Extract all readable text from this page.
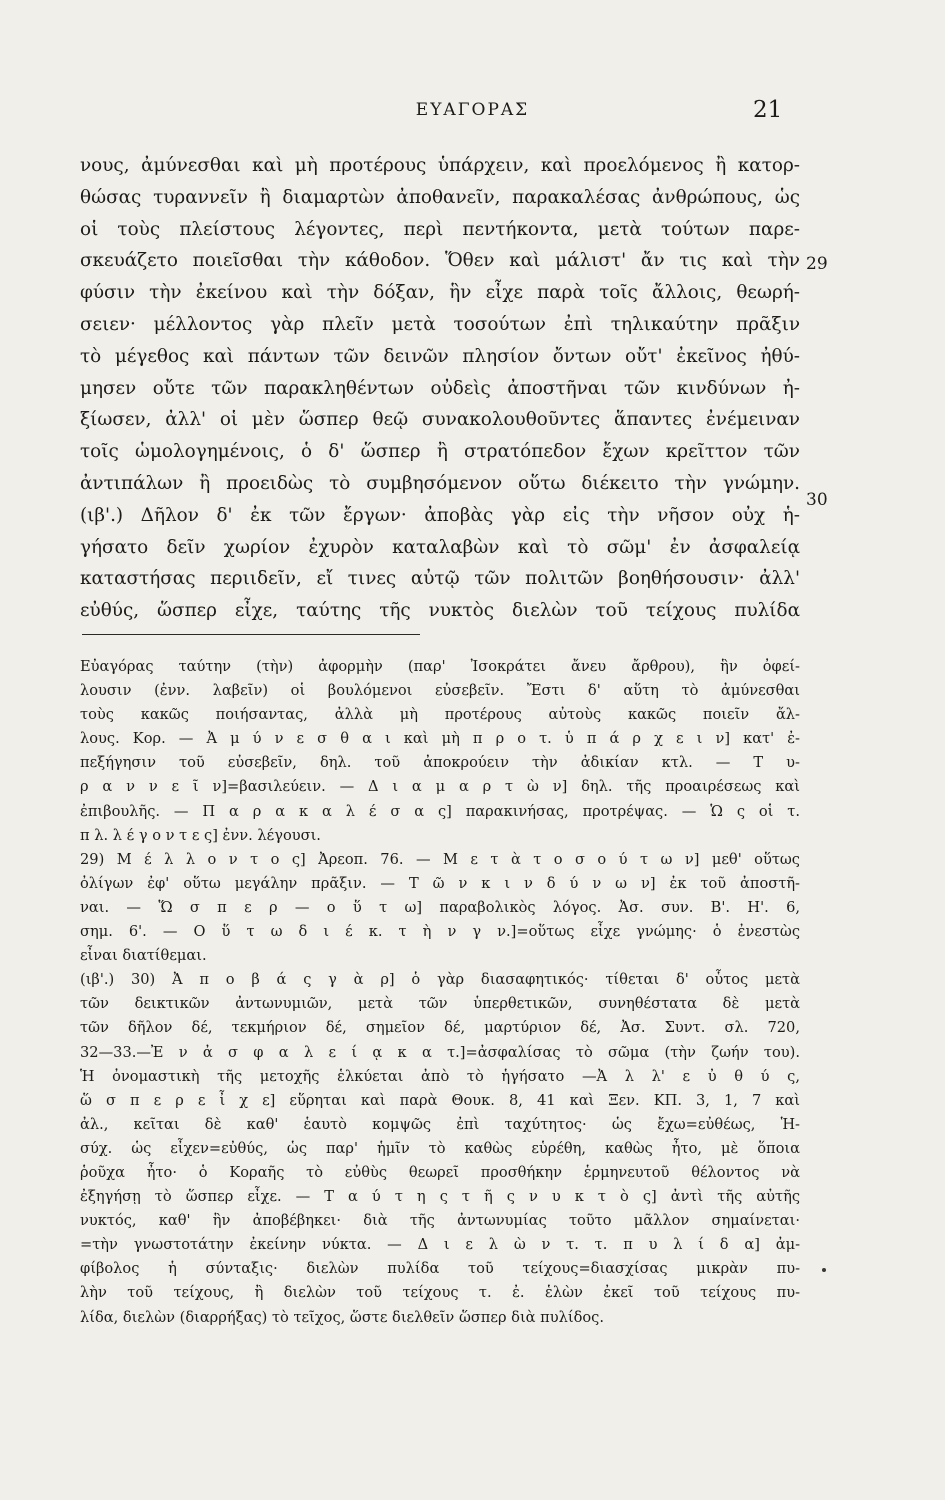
ΕΥΑΓΟΡΑΣ	21
29
30
νους, ἀμύνεσθαι καὶ μὴ προτέρους ὑπάρχειν, καὶ προελόμενος ἢ κατορ-
θώσας τυραννεῖν ἢ διαμαρτὼν ἀποθανεῖν, παρακαλέσας ἀνθρώπους, ὡς
οἱ τοὺς πλείστους λέγοντες, περὶ πεντήκοντα, μετὰ τούτων παρε-
σκευάζετο ποιεῖσθαι τὴν κάθοδον. Ὅθεν καὶ μάλιστ' ἄν τις καὶ τὴν
φύσιν τὴν ἐκείνου καὶ τὴν δόξαν, ἣν εἶχε παρὰ τοῖς ἄλλοις, θεωρή-
σειεν· μέλλοντος γὰρ πλεῖν μετὰ τοσούτων ἐπὶ τηλικαύτην πρᾶξιν
τὸ μέγεθος καὶ πάντων τῶν δεινῶν πλησίον ὄντων οὔτ' ἐκεῖνος ἠθύ-
μησεν οὔτε τῶν παρακληθέντων οὐδεὶς ἀποστῆναι τῶν κινδύνων ἠ-
ξίωσεν, ἀλλ' οἱ μὲν ὥσπερ θεῷ συνακολουθοῦντες ἅπαντες ἐνέμειναν
τοῖς ὡμολογημένοις, ὁ δ' ὥσπερ ἢ στρατόπεδον ἔχων κρεῖττον τῶν
ἀντιπάλων ἢ προειδὼς τὸ συμβησόμενον οὕτω διέκειτο τὴν γνώμην.
(ιβ'.) Δῆλον δ' ἐκ τῶν ἔργων· ἀποβὰς γὰρ εἰς τὴν νῆσον οὐχ ἡ-
γήσατο δεῖν χωρίον ἐχυρὸν καταλαβὼν καὶ τὸ σῶμ' ἐν ἀσφαλείᾳ
καταστήσας περιιδεῖν, εἴ τινες αὐτῷ τῶν πολιτῶν βοηθήσουσιν· ἀλλ'
εὐθύς, ὥσπερ εἶχε, ταύτης τῆς νυκτὸς διελὼν τοῦ τείχους πυλίδα
Εὐαγόρας ταύτην (τὴν) ἀφορμὴν (παρ' Ἰσοκράτει ἄνευ ἄρθρου), ἣν ὀφεί-
λουσιν (ἐνν. λαβεῖν) οἱ βουλόμενοι εὐσεβεῖν. Ἔστι δ' αὕτη τὸ ἀμύνεσθαι
τοὺς κακῶς ποιήσαντας, ἀλλὰ μὴ προτέρους αὐτοὺς κακῶς ποιεῖν ἄλ-
λους. Κορ. — Ἀ μ ύ ν ε σ θ α ι καὶ μὴ π ρ ο τ. ὑ π ά ρ χ ε ι ν] κατ' ἐ-
πεξήγησιν τοῦ εὐσεβεῖν, δηλ. τοῦ ἀποκρούειν τὴν ἀδικίαν κτλ. — Τ υ-
ρ α ν ν ε ῖ ν]=βασιλεύειν. — Δ ι α μ α ρ τ ὼ ν] δηλ. τῆς προαιρέσεως καὶ
ἐπιβουλῆς. — Π α ρ α κ α λ έ σ α ς] παρακινήσας, προτρέψας. — Ὡ ς οἱ τ.
π λ. λ έ γ ο ν τ ε ς] ἐνν. λέγουσι.
29) Μ έ λ λ ο ν τ ο ς] Ἀρεοπ. 76. — Μ ε τ ὰ τ ο σ ο ύ τ ω ν] μεθ' οὕτως
ὀλίγων ἐφ' οὕτω μεγάλην πρᾶξιν. — Τ ῶ ν κ ι ν δ ύ ν ω ν] ἐκ τοῦ ἀποστῆ-
ναι. — Ὥ σ π ε ρ — ο ὕ τ ω] παραβολικὸς λόγος. Ἀσ. συν. Β'. Η'. 6,
σημ. 6'. — Ο ὕ τ ω δ ι έ κ. τ ὴ ν γ ν.]=οὕτως εἶχε γνώμης· ὁ ἐνεστὼς
εἶναι διατίθεμαι.
(ιβ'.) 30) Ἀ π ο β ά ς γ ὰ ρ] ὁ γὰρ διασαφητικός· τίθεται δ' οὗτος μετὰ
τῶν δεικτικῶν ἀντωνυμιῶν, μετὰ τῶν ὑπερθετικῶν, συνηθέστατα δὲ μετὰ
τῶν δῆλον δέ, τεκμήριον δέ, σημεῖον δέ, μαρτύριον δέ, Ἀσ. Συντ. σλ. 720,
32—33.—Ἐ ν ἀ σ φ α λ ε ί ᾳ κ α τ.]=ἀσφαλίσας τὸ σῶμα (τὴν ζωήν του).
Ἡ ὀνομαστικὴ τῆς μετοχῆς ἑλκύεται ἀπὸ τὸ ἡγήσατο —Ἀ λ λ' ε ὐ θ ύ ς,
ὥ σ π ε ρ ε ἶ χ ε] εὕρηται καὶ παρὰ Θουκ. 8, 41 καὶ Ξεν. ΚΠ. 3, 1, 7 καὶ
ἀλ., κεῖται δὲ καθ' ἑαυτὸ κομψῶς ἐπὶ ταχύτητος· ὡς ἔχω=εὐθέως, Ἡ-
σύχ. ὡς εἶχεν=εὐθύς, ὡς παρ' ἡμῖν τὸ καθὼς εὑρέθη, καθὼς ἦτο, μὲ ὅποια
ῥοῦχα ἦτο· ὁ Κοραῆς τὸ εὐθὺς θεωρεῖ προσθήκην ἑρμηνευτοῦ θέλοντος νὰ
ἐξηγήσῃ τὸ ὥσπερ εἶχε. — Τ α ύ τ η ς τ ῆ ς ν υ κ τ ὸ ς] ἀντὶ τῆς αὐτῆς
νυκτός, καθ' ἣν ἀποβέβηκει· διὰ τῆς ἀντωνυμίας τοῦτο μᾶλλον σημαίνεται·
=τὴν γνωστοτάτην ἐκείνην νύκτα. — Δ ι ε λ ὼ ν τ. τ. π υ λ ί δ α] ἀμ-
φίβολος ἡ σύνταξις· διελὼν πυλίδα τοῦ τείχους=διασχίσας μικρὰν πυ-
λὴν τοῦ τείχους, ἢ διελὼν τοῦ τείχους τ. ἐ. ἑλὼν ἐκεῖ τοῦ τείχους πυ-
λίδα, διελὼν (διαρρήξας) τὸ τεῖχος, ὥστε διελθεῖν ὥσπερ διὰ πυλίδος.
